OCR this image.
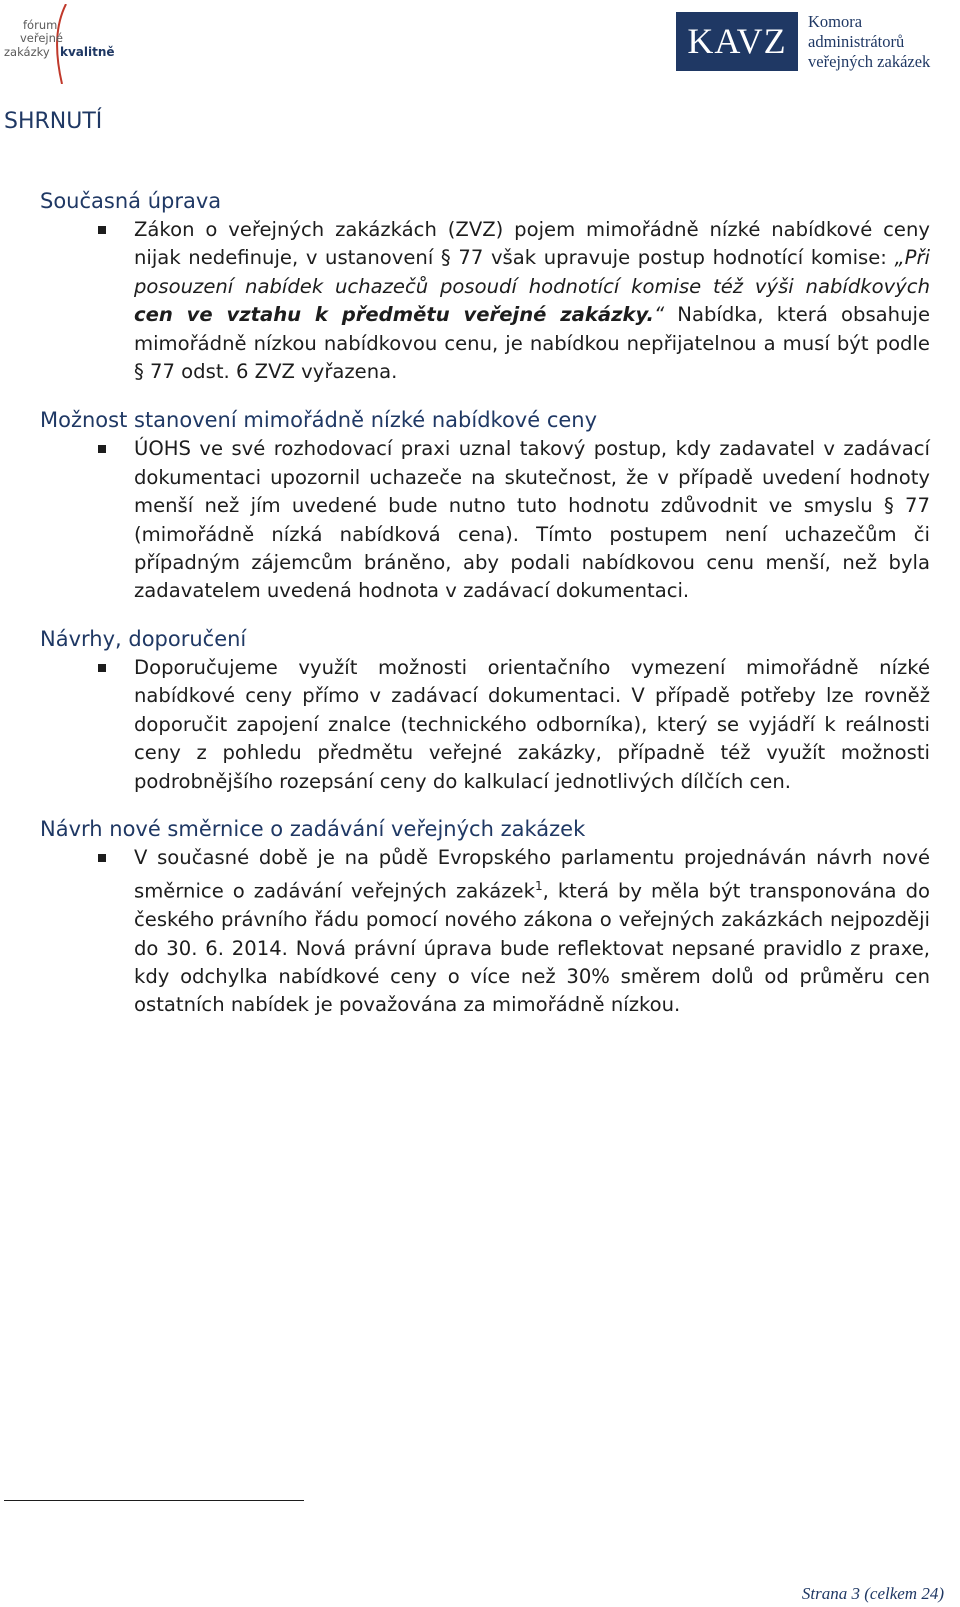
fórum
veřejné
zakázky kvalitně	KAVZ	Komora
administrátorů
veřejných zakázek
SHRNUTÍ
Současná úprava

Zákon o veřejných zakázkách (ZVZ) pojem mimořádně nízké nabídkové ceny nijak nedefinuje, v ustanovení § 77 však upravuje postup hodnotící komise: „Při posouzení nabídek uchazečů posoudí hodnotící komise též výši nabídkových cen ve vztahu k předmětu veřejné zakázky.“ Nabídka, která obsahuje mimořádně nízkou nabídkovou cenu, je nabídkou nepřijatelnou a musí být podle § 77 odst. 6 ZVZ vyřazena.

Možnost stanovení mimořádně nízké nabídkové ceny

ÚOHS ve své rozhodovací praxi uznal takový postup, kdy zadavatel v zadávací dokumentaci upozornil uchazeče na skutečnost, že v případě uvedení hodnoty menší než jím uvedené bude nutno tuto hodnotu zdůvodnit ve smyslu § 77 (mimořádně nízká nabídková cena). Tímto postupem není uchazečům či případným zájemcům bráněno, aby podali nabídkovou cenu menší, než byla zadavatelem uvedená hodnota v zadávací dokumentaci.

Návrhy, doporučení

Doporučujeme využít možnosti orientačního vymezení mimořádně nízké nabídkové ceny přímo v zadávací dokumentaci. V případě potřeby lze rovněž doporučit zapojení znalce (technického odborníka), který se vyjádří k reálnosti ceny z pohledu předmětu veřejné zakázky, případně též využít možnosti podrobnějšího rozepsání ceny do kalkulací jednotlivých dílčích cen.

Návrh nové směrnice o zadávání veřejných zakázek

V současné době je na půdě Evropského parlamentu projednáván návrh nové směrnice o zadávání veřejných zakázek$^1$, která by měla být transponována do českého právního řádu pomocí nového zákona o veřejných zakázkách nejpozději do 30. 6. 2014. Nová právní úprava bude reflektovat nepsané pravidlo z praxe, kdy odchylka nabídkové ceny o více než 30% směrem dolů od průměru cen ostatních nabídek je považována za mimořádně nízkou.

Strana 3 (celkem 24)
